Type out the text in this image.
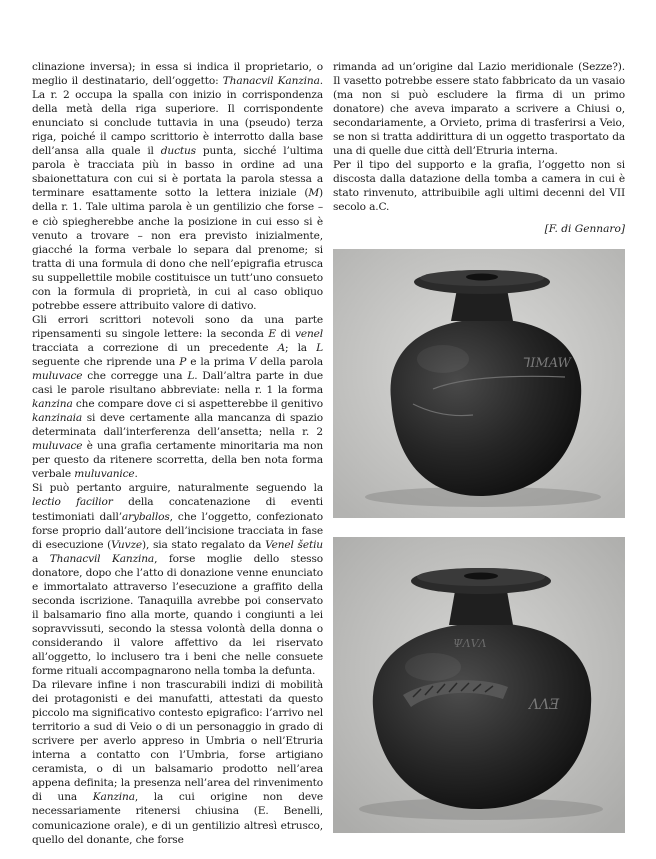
clinazione inversa); in essa si indica il proprietario, o meglio il destinatario, dell’oggetto: Thanacvil Kanzina. La r. 2 occupa la spalla con inizio in corrispondenza della metà della riga superiore. Il corrispondente enunciato si conclude tuttavia in una (pseudo) terza riga, poiché il campo scrittorio è interrotto dalla base dell’ansa alla quale il ductus punta, sicché l’ultima parola è tracciata più in basso in ordine ad una sbaionettatura con cui si è portata la parola stessa a terminare esattamente sotto la lettera iniziale (M) della r. 1. Tale ultima parola è un gentilizio che forse – e ciò spiegherebbe anche la posizione in cui esso si è venuto a trovare – non era previsto inizialmente, giacché la forma verbale lo separa dal prenome; si tratta di una formula di dono che nell’epigrafia etrusca su suppellettile mobile costituisce un tutt’uno consueto con la formula di proprietà, in cui al caso obliquo potrebbe essere attribuito valore di dativo.

Gli errori scrittori notevoli sono da una parte ripensamenti su singole lettere: la seconda E di venel tracciata a correzione di un precedente A; la L seguente che riprende una P e la prima V della parola muluvace che corregge una L. Dall’altra parte in due casi le parole risultano abbreviate: nella r. 1 la forma kanzina che compare dove ci si aspetterebbe il genitivo kanzinaia si deve certamente alla mancanza di spazio determinata dall’interferenza dell’ansetta; nella r. 2 muluvace è una grafia certamente minoritaria ma non per questo da ritenere scorretta, della ben nota forma verbale muluvanice.

Si può pertanto arguire, naturalmente seguendo la lectio facilior della concatenazione di eventi testimoniati dall’aryballos, che l’oggetto, confezionato forse proprio dall’autore dell’incisione tracciata in fase di esecuzione (Vuvze), sia stato regalato da Venel šetiu a Thanacvil Kanzina, forse moglie dello stesso donatore, dopo che l’atto di donazione venne enunciato e immortalato attraverso l’esecuzione a graffito della seconda iscrizione. Tanaquilla avrebbe poi conservato il balsamario fino alla morte, quando i congiunti a lei sopravvissuti, secondo la stessa volontà della donna o considerando il valore affettivo da lei riservato all’oggetto, lo inclusero tra i beni che nelle consuete forme rituali accompagnarono nella tomba la defunta.

Da rilevare infine i non trascurabili indizi di mobilità dei protagonisti e dei manufatti, attestati da questo piccolo ma significativo contesto epigrafico: l’arrivo nel territorio a sud di Veio o di un personaggio in grado di scrivere per averlo appreso in Umbria o nell’Etruria interna a contatto con l’Umbria, forse artigiano ceramista, o di un balsamario prodotto nell’area appena definita; la presenza nell’area del rinvenimento di una Kanzina, la cui origine non deve necessariamente ritenersi chiusina (E. Benelli, comunicazione orale), e di un gentilizio altresì etrusco, quello del donante, che forse

rimanda ad un’origine dal Lazio meridionale (Sezze?). Il vasetto potrebbe essere stato fabbricato da un vasaio (ma non si può escludere la firma di un primo donatore) che aveva imparato a scrivere a Chiusi o, secondariamente, a Orvieto, prima di trasferirsi a Veio, se non si tratta addirittura di un oggetto trasportato da una di quelle due città dell’Etruria interna.

Per il tipo del supporto e la grafia, l’oggetto non si discosta dalla datazione della tomba a camera in cui è stato rinvenuto, attribuibile agli ultimi decenni del VII secolo a.C.

[F. di Gennaro]
⅂IMAW
ΛΛƎ
ΨΛVΛ
